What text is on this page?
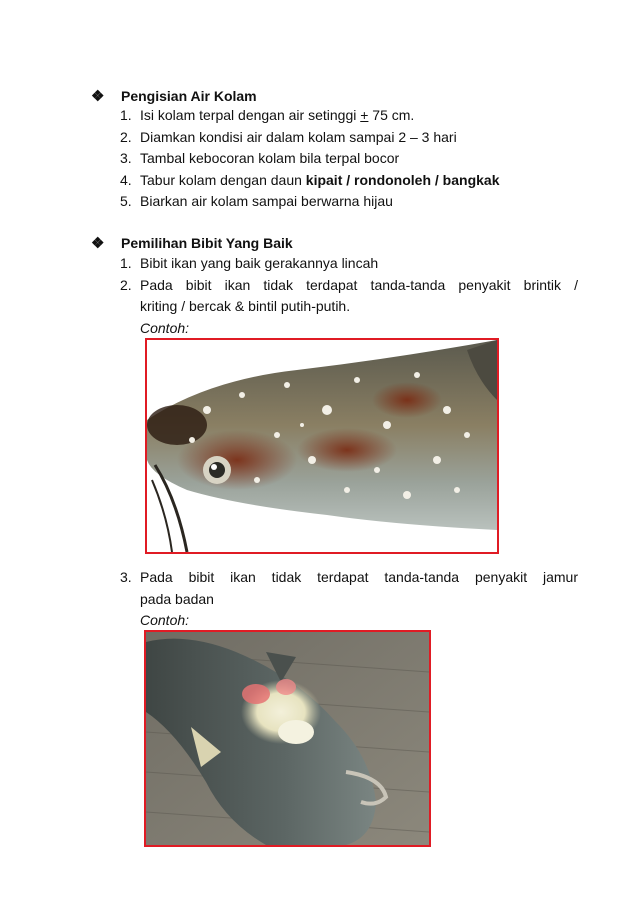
❖	Pengisian Air Kolam
1. Isi kolam terpal dengan air setinggi + 75 cm.
2. Diamkan kondisi air dalam kolam sampai 2 – 3 hari
3. Tambal kebocoran kolam bila terpal bocor
4. Tabur kolam dengan daun kipait / rondonoleh / bangkak
5. Biarkan air kolam sampai berwarna hijau
❖	Pemilihan Bibit Yang Baik
1. Bibit ikan yang baik gerakannya lincah
2. Pada bibit ikan tidak terdapat tanda-tanda penyakit brintik /
kriting / bercak & bintil putih-putih.
Contoh:
3. Pada bibit ikan tidak terdapat tanda-tanda penyakit jamur
pada badan
Contoh:
